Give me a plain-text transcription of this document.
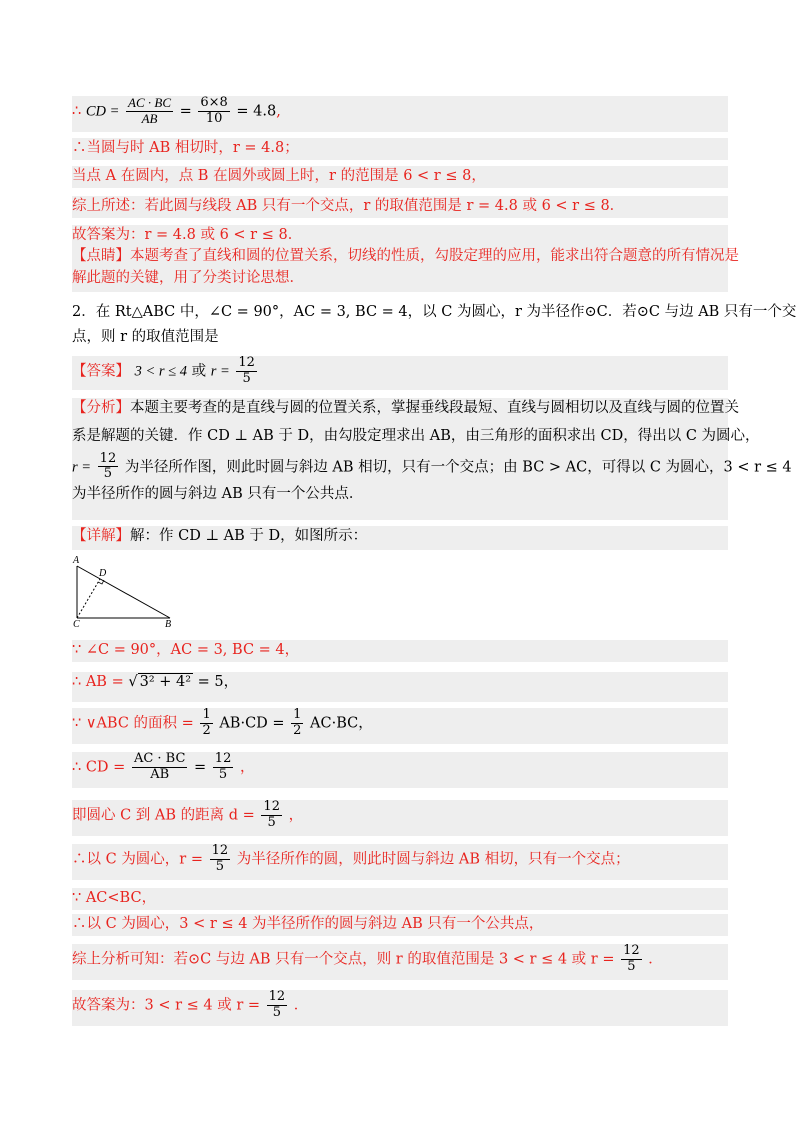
∴ CD = $\frac{AC \cdot BC}{AB} = \frac{6\times 8}{10} = 4.8$,
∴当圆与时 AB 相切时，r = 4.8；
当点 A 在圆内，点 B 在圆外或圆上时，r 的范围是 6 < r ≤ 8，
综上所述：若此圆与线段 AB 只有一个交点，r 的取值范围是 r = 4.8 或 6 < r ≤ 8．
故答案为：r = 4.8 或 6 < r ≤ 8．
【点睛】本题考查了直线和圆的位置关系，切线的性质，勾股定理的应用，能求出符合题意的所有情况是
解此题的关键，用了分类讨论思想．
2．在 Rt△ABC 中，∠C = 90°，AC = 3, BC = 4，以 C 为圆心，r 为半径作⊙C．若⊙C 与边 AB 只有一个交
点，则 r 的取值范围是
【答案】 3 < r ≤ 4 或 $r = \frac{12}{5}$
【分析】本题主要考查的是直线与圆的位置关系，掌握垂线段最短、直线与圆相切以及直线与圆的位置关
系是解题的关键．作 CD ⊥ AB 于 D，由勾股定理求出 AB，由三角形的面积求出 CD，得出以 C 为圆心，
$r = \frac{12}{5}$ 为半径所作图，则此时圆与斜边 AB 相切，只有一个交点；由 BC > AC，可得以 C 为圆心，3 < r ≤ 4
为半径所作的圆与斜边 AB 只有一个公共点．
【详解】解：作 CD ⊥ AB 于 D，如图所示：
A
D
C	B
∵ ∠C = 90°，AC = 3, BC = 4，
∴ AB = √ 3² + 4² = 5，
∵ ∨ABC 的面积 = $\frac{1}{2} AB\cdot CD = \frac{1}{2} AC\cdot BC$，
∴ CD = $\frac{AC \cdot BC}{AB} = \frac{12}{5}$ ，
即圆心 C 到 AB 的距离 $d = \frac{12}{5}$ ，
∴以 C 为圆心，$r = \frac{12}{5}$ 为半径所作的圆，则此时圆与斜边 AB 相切，只有一个交点；
∵ AC<BC，
∴以 C 为圆心，3 < r ≤ 4 为半径所作的圆与斜边 AB 只有一个公共点，
综上分析可知：若⊙C 与边 AB 只有一个交点，则 r 的取值范围是 3 < r ≤ 4 或 $r = \frac{12}{5}$ ．
故答案为：3 < r ≤ 4 或 $r = \frac{12}{5}$ ．
